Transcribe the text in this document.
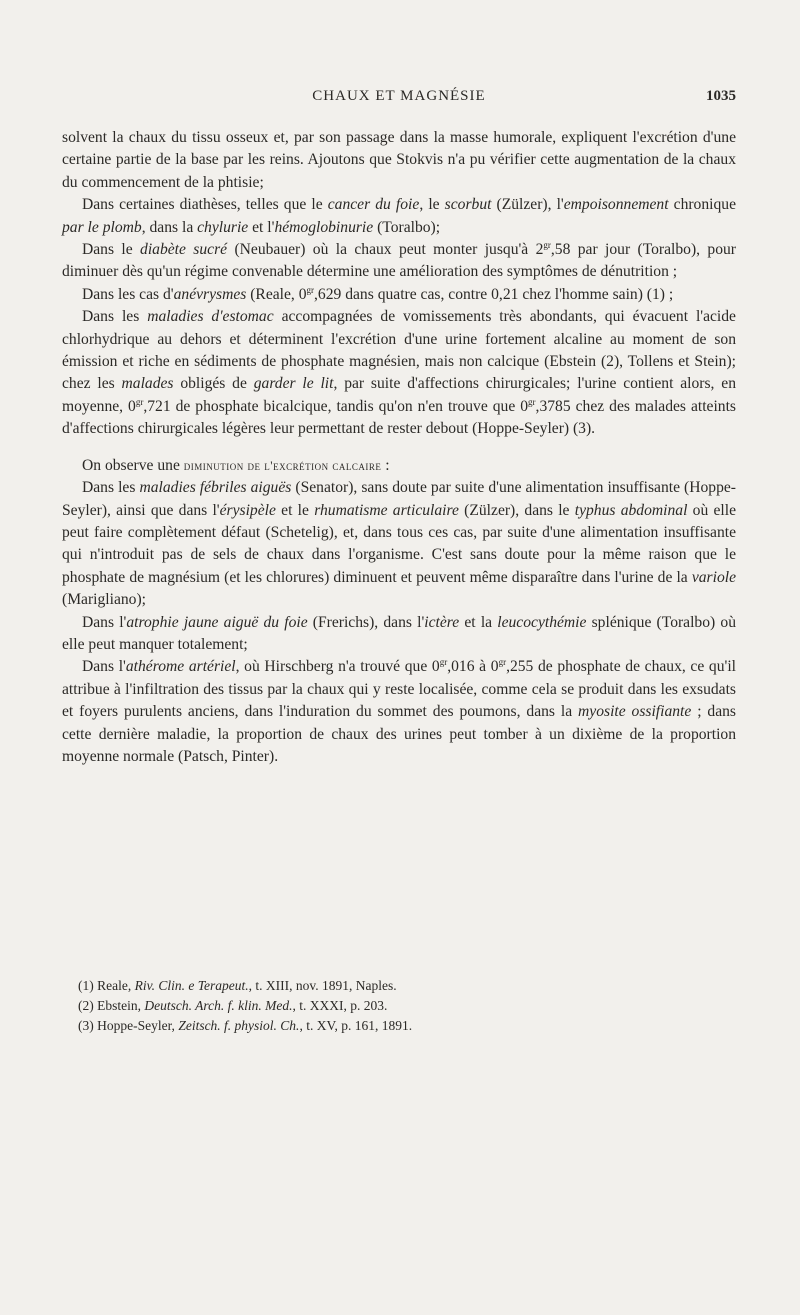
CHAUX ET MAGNÉSIE	1035

solvent la chaux du tissu osseux et, par son passage dans la masse humorale, expliquent l'excrétion d'une certaine partie de la base par les reins. Ajoutons que Stokvis n'a pu vérifier cette augmentation de la chaux du commencement de la phtisie;

Dans certaines diathèses, telles que le cancer du foie, le scorbut (Zülzer), l'empoisonnement chronique par le plomb, dans la chylurie et l'hémoglobinurie (Toralbo);

Dans le diabète sucré (Neubauer) où la chaux peut monter jusqu'à $2^{gr},58$ par jour (Toralbo), pour diminuer dès qu'un régime convenable détermine une amélioration des symptômes de dénutrition ;

Dans les cas d'anévrysmes (Reale, $0^{gr},629$ dans quatre cas, contre 0,21 chez l'homme sain) (1) ;

Dans les maladies d'estomac accompagnées de vomissements très abondants, qui évacuent l'acide chlorhydrique au dehors et déterminent l'excrétion d'une urine fortement alcaline au moment de son émission et riche en sédiments de phosphate magnésien, mais non calcique (Ebstein (2), Tollens et Stein); chez les malades obligés de garder le lit, par suite d'affections chirurgicales; l'urine contient alors, en moyenne, $0^{gr},721$ de phosphate bicalcique, tandis qu'on n'en trouve que $0^{gr},3785$ chez des malades atteints d'affections chirurgicales légères leur permettant de rester debout (Hoppe-Seyler) (3).

On observe une diminution de l'excrétion calcaire :

Dans les maladies fébriles aiguës (Senator), sans doute par suite d'une alimentation insuffisante (Hoppe-Seyler), ainsi que dans l'érysipèle et le rhumatisme articulaire (Zülzer), dans le typhus abdominal où elle peut faire complètement défaut (Schetelig), et, dans tous ces cas, par suite d'une alimentation insuffisante qui n'introduit pas de sels de chaux dans l'organisme. C'est sans doute pour la même raison que le phosphate de magnésium (et les chlorures) diminuent et peuvent même disparaître dans l'urine de la variole (Marigliano);

Dans l'atrophie jaune aiguë du foie (Frerichs), dans l'ictère et la leucocythémie splénique (Toralbo) où elle peut manquer totalement;

Dans l'athérome artériel, où Hirschberg n'a trouvé que $0^{gr},016$ à $0^{gr},255$ de phosphate de chaux, ce qu'il attribue à l'infiltration des tissus par la chaux qui y reste localisée, comme cela se produit dans les exsudats et foyers purulents anciens, dans l'induration du sommet des poumons, dans la myosite ossifiante ; dans cette dernière maladie, la proportion de chaux des urines peut tomber à un dixième de la proportion moyenne normale (Patsch, Pinter).

(1) Reale, Riv. Clin. e Terapeut., t. XIII, nov. 1891, Naples.
(2) Ebstein, Deutsch. Arch. f. klin. Med., t. XXXI, p. 203.
(3) Hoppe-Seyler, Zeitsch. f. physiol. Ch., t. XV, p. 161, 1891.
